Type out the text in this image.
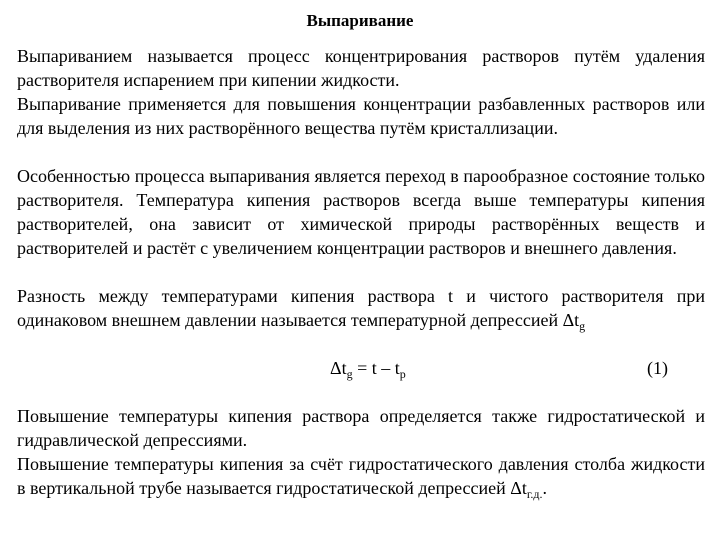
Выпаривание

Выпариванием называется процесс концентрирования растворов путём удаления растворителя испарением при кипении жидкости.

Выпаривание применяется для повышения концентрации разбавленных растворов или для выделения из них растворённого вещества путём кристаллизации.

Особенностью процесса выпаривания является переход в парообразное состояние только растворителя. Температура кипения растворов всегда выше температуры кипения растворителей, она зависит от химической природы растворённых веществ и растворителей и растёт с увеличением концентрации растворов и внешнего давления.

Разность между температурами кипения раствора t и чистого растворителя при одинаковом внешнем давлении называется температурной депрессией $\Delta t_g$

$\Delta t_g = t - t_p$	(1)

Повышение температуры кипения раствора определяется также гидростатической и гидравлической депрессиями.

Повышение температуры кипения за счёт гидростатического давления столба жидкости в вертикальной трубе называется гидростатической депрессией $\Delta t_{г.д.}$.
